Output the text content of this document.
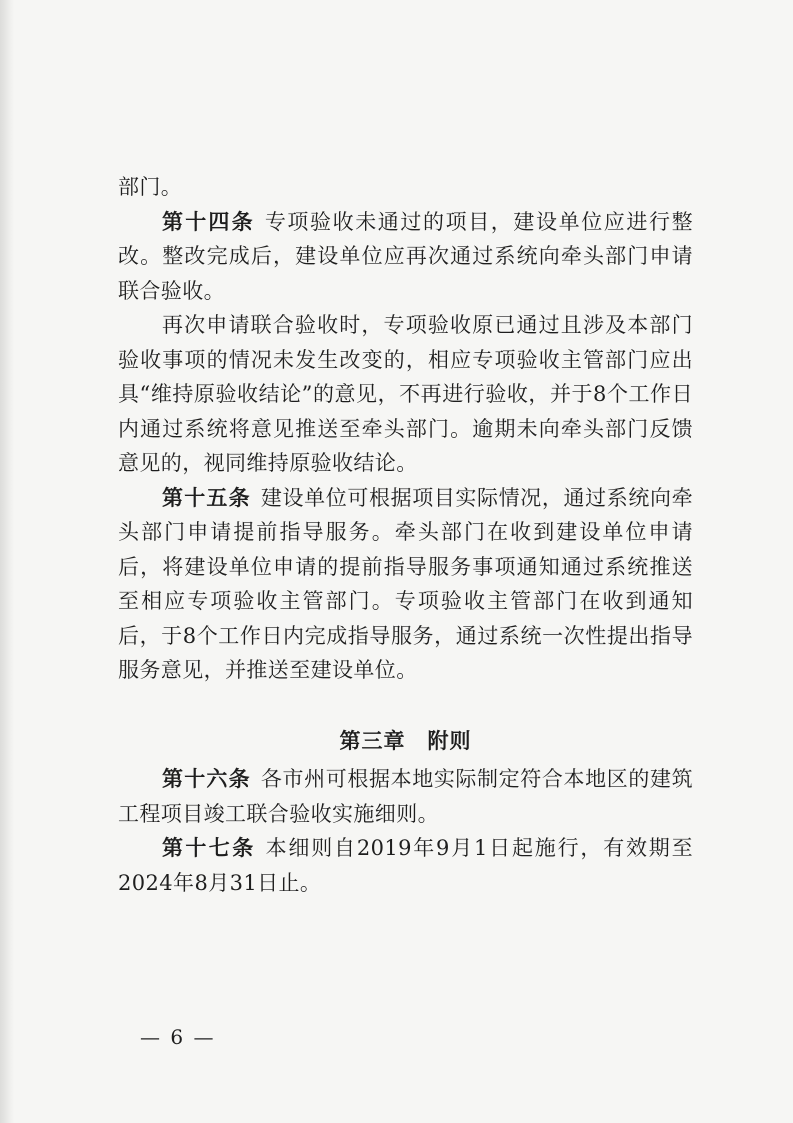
部门。

第十四条 专项验收未通过的项目，建设单位应进行整改。整改完成后，建设单位应再次通过系统向牵头部门申请联合验收。

再次申请联合验收时，专项验收原已通过且涉及本部门验收事项的情况未发生改变的，相应专项验收主管部门应出具“维持原验收结论”的意见，不再进行验收，并于8个工作日内通过系统将意见推送至牵头部门。逾期未向牵头部门反馈意见的，视同维持原验收结论。

第十五条 建设单位可根据项目实际情况，通过系统向牵头部门申请提前指导服务。牵头部门在收到建设单位申请后，将建设单位申请的提前指导服务事项通知通过系统推送至相应专项验收主管部门。专项验收主管部门在收到通知后，于8个工作日内完成指导服务，通过系统一次性提出指导服务意见，并推送至建设单位。

第三章 附则

第十六条 各市州可根据本地实际制定符合本地区的建筑工程项目竣工联合验收实施细则。

第十七条 本细则自2019年9月1日起施行，有效期至2024年8月31日止。

— 6 —
